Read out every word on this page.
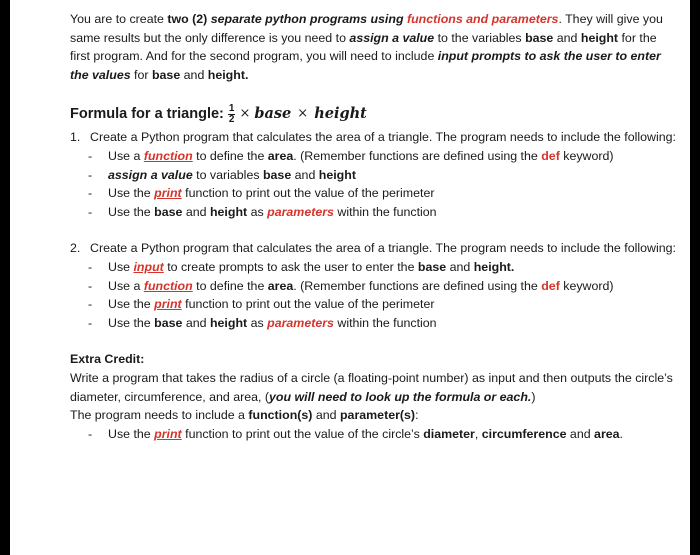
You are to create two (2) separate python programs using functions and parameters. They will give you same results but the only difference is you need to assign a value to the variables base and height for the first program. And for the second program, you will need to include input prompts to ask the user to enter the values for base and height.

Formula for a triangle: $\frac{1}{2}$ × base × height
1. Create a Python program that calculates the area of a triangle. The program needs to include the following:

- Use a function to define the area. (Remember functions are defined using the def keyword)
- assign a value to variables base and height
- Use the print function to print out the value of the perimeter
- Use the base and height as parameters within the function
2. Create a Python program that calculates the area of a triangle. The program needs to include the following:

- Use input to create prompts to ask the user to enter the base and height.
- Use a function to define the area. (Remember functions are defined using the def keyword)
- Use the print function to print out the value of the perimeter
- Use the base and height as parameters within the function

Extra Credit:

Write a program that takes the radius of a circle (a floating-point number) as input and then outputs the circle’s diameter, circumference, and area, (you will need to look up the formula or each.)

The program needs to include a function(s) and parameter(s):

- Use the print function to print out the value of the circle’s diameter, circumference and area.
